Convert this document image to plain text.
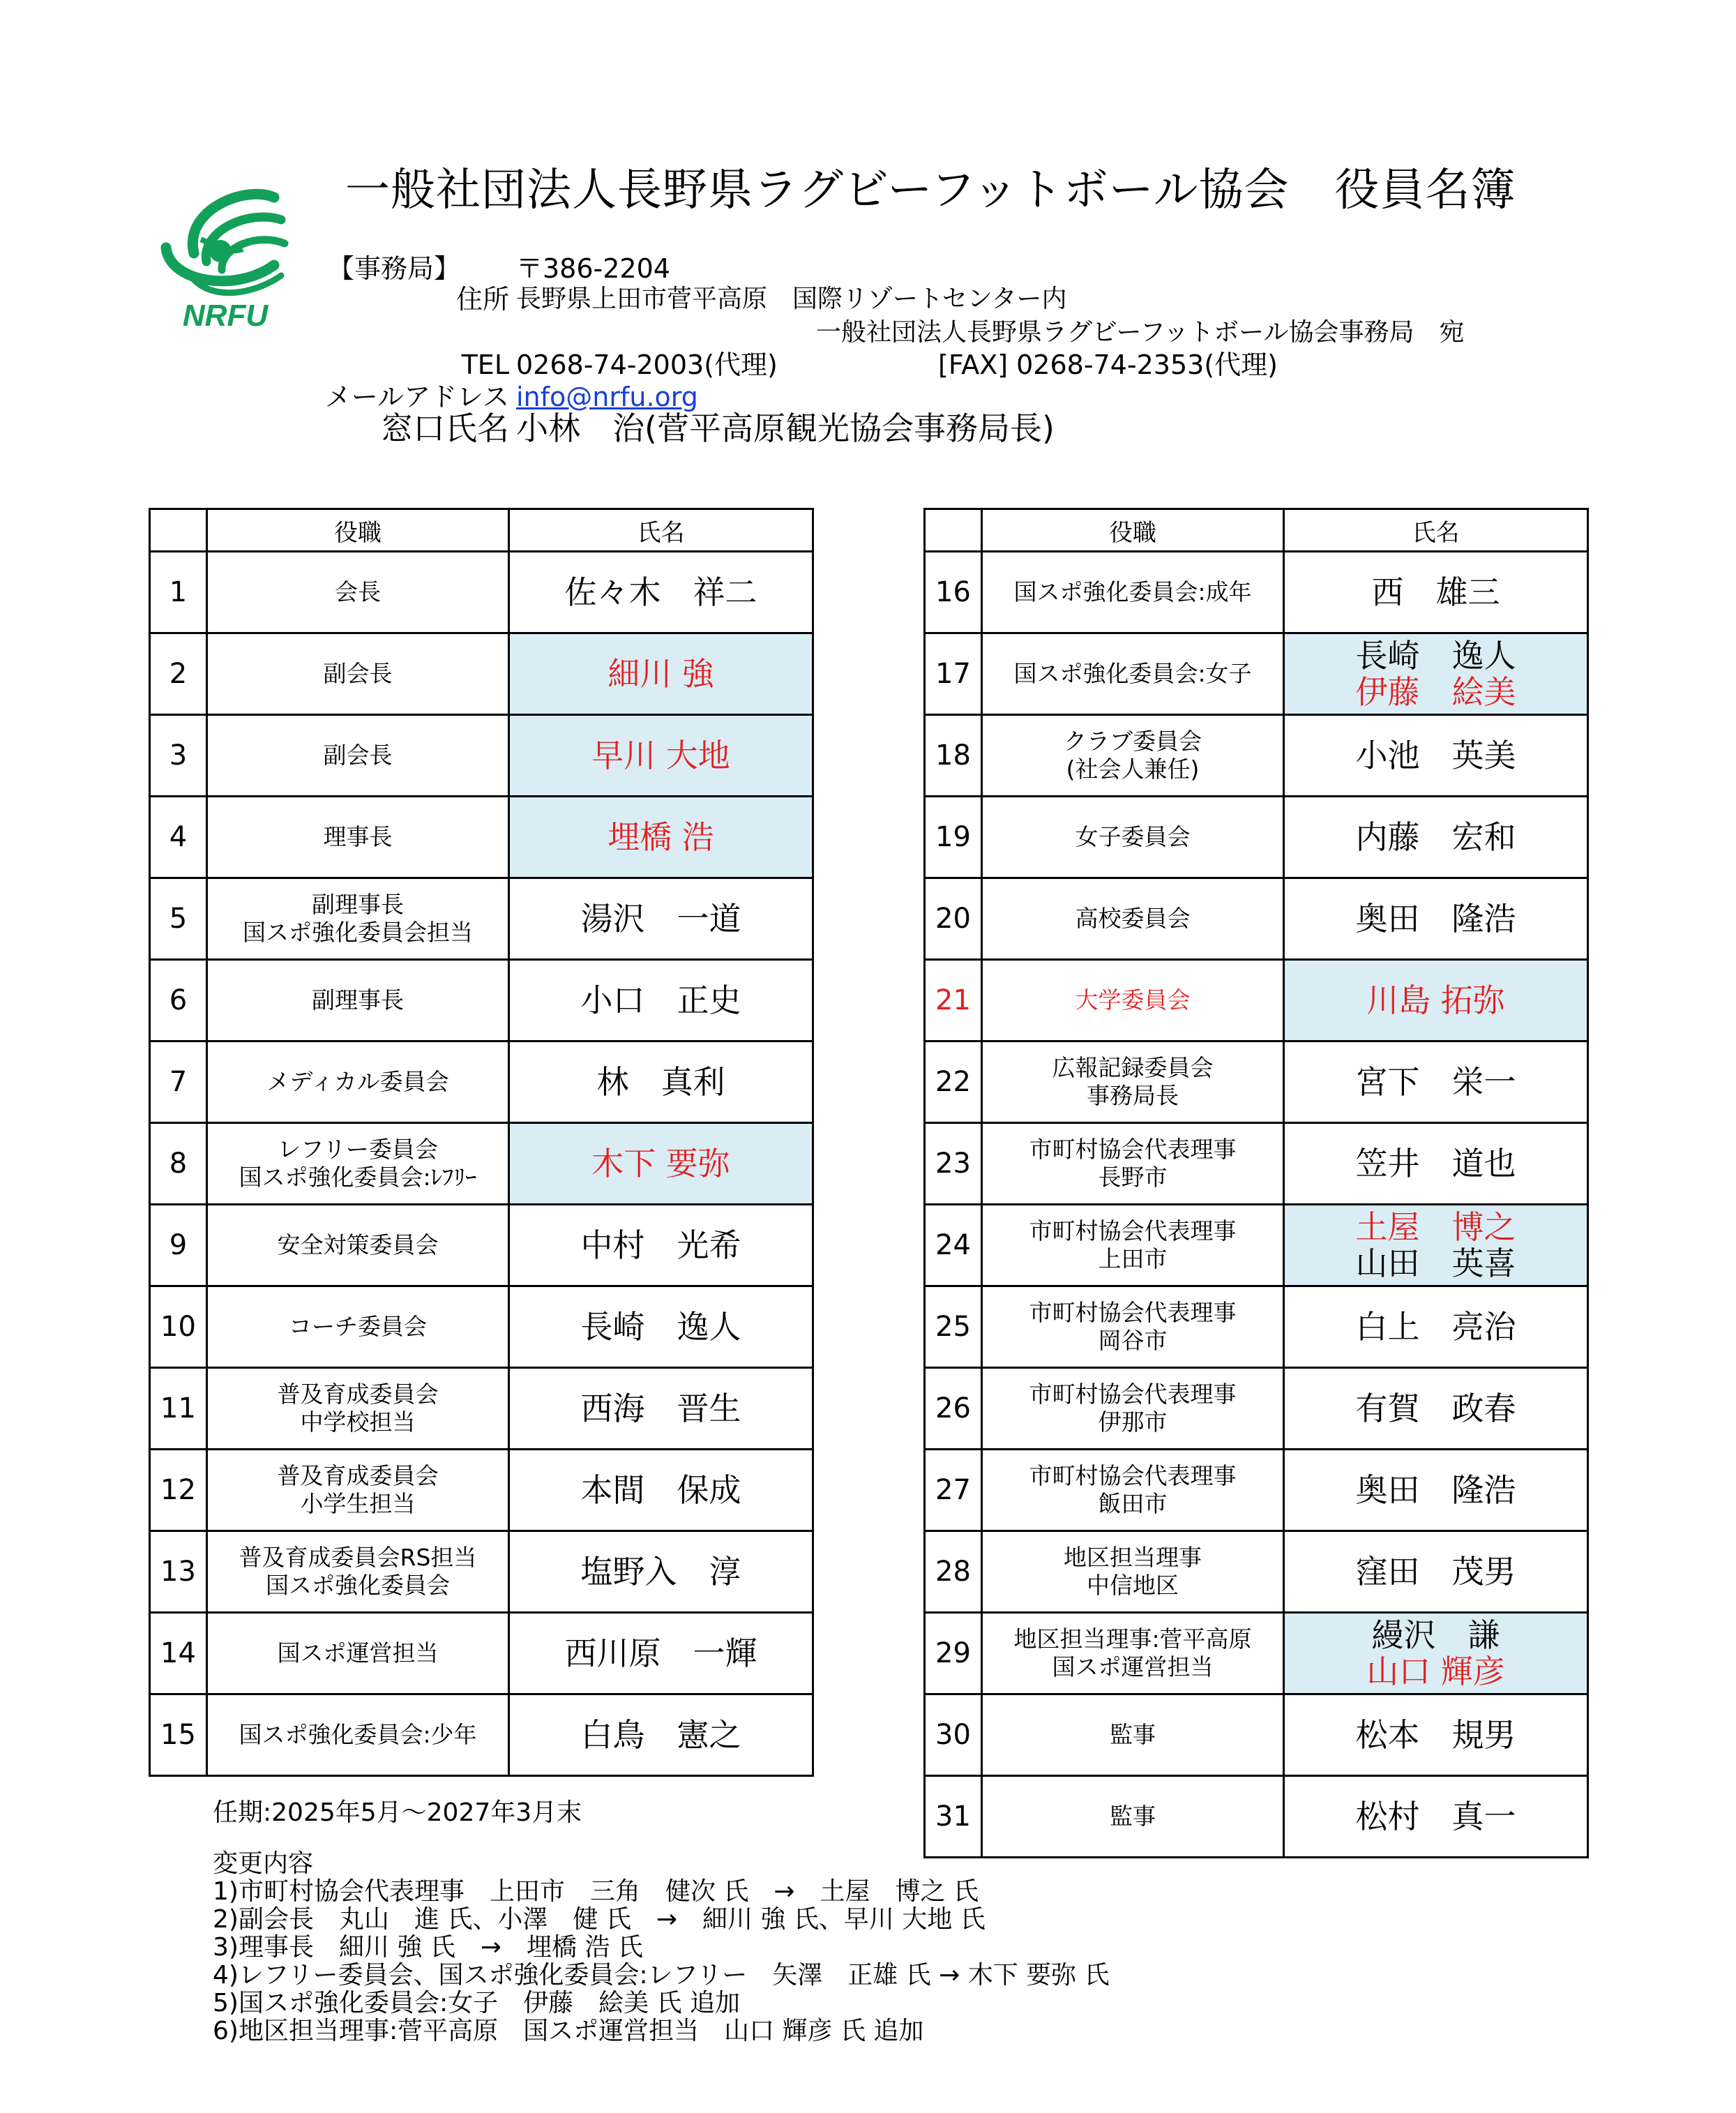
NRFU
一般社団法人長野県ラグビーフットボール協会　役員名簿
【事務局】 〒386-2204
住所 長野県上田市菅平高原　国際リゾートセンター内
一般社団法人長野県ラグビーフットボール協会事務局　宛
TEL 0268-74-2003(代理)	[FAX] 0268-74-2353(代理)
メールアドレス info@nrfu.org
窓口氏名 小林　治(菅平高原観光協会事務局長)
	役職	氏名
1	会長	佐々木　祥二

2	副会長	細川 強

3	副会長	早川 大地

4	理事長	埋橋 浩

5	副理事長
国スポ強化委員会担当	湯沢　一道

6	副理事長	小口　正史

7	メディカル委員会	林　真利

8	レフリー委員会
国スポ強化委員会:ﾚﾌﾘｰ	木下 要弥

9	安全対策委員会	中村　光希

10	コーチ委員会	長崎　逸人

11	普及育成委員会
中学校担当	西海　晋生

12	普及育成委員会
小学生担当	本間　保成

13	普及育成委員会RS担当
国スポ強化委員会	塩野入　淳

14	国スポ運営担当	西川原　一輝

15	国スポ強化委員会:少年	白鳥　憲之
	役職	氏名
16	国スポ強化委員会:成年	西　雄三

17	国スポ強化委員会:女子	長崎　逸人
伊藤　絵美

18	クラブ委員会
(社会人兼任)	小池　英美

19	女子委員会	内藤　宏和

20	高校委員会	奥田　隆浩

21	大学委員会	川島 拓弥

22	広報記録委員会
事務局長	宮下　栄一

23	市町村協会代表理事
長野市	笠井　道也

24	市町村協会代表理事
上田市	土屋　博之
山田　英喜

25	市町村協会代表理事
岡谷市	白上　亮治

26	市町村協会代表理事
伊那市	有賀　政春

27	市町村協会代表理事
飯田市	奥田　隆浩

28	地区担当理事
中信地区	窪田　茂男

29	地区担当理事:菅平高原
国スポ運営担当	縵沢　謙
山口 輝彦

30	監事	松本　規男

31	監事	松村　真一
任期:2025年5月～2027年3月末
変更内容
1)市町村協会代表理事　上田市　三角　健次 氏　→　土屋　博之 氏
2)副会長　丸山　進 氏、小澤　健 氏　→　細川 強 氏、早川 大地 氏
3)理事長　細川 強 氏　→　埋橋 浩 氏
4)レフリー委員会、国スポ強化委員会:レフリー　矢澤　正雄 氏 → 木下 要弥 氏
5)国スポ強化委員会:女子　伊藤　絵美 氏 追加
6)地区担当理事:菅平高原　国スポ運営担当　山口 輝彦 氏 追加
